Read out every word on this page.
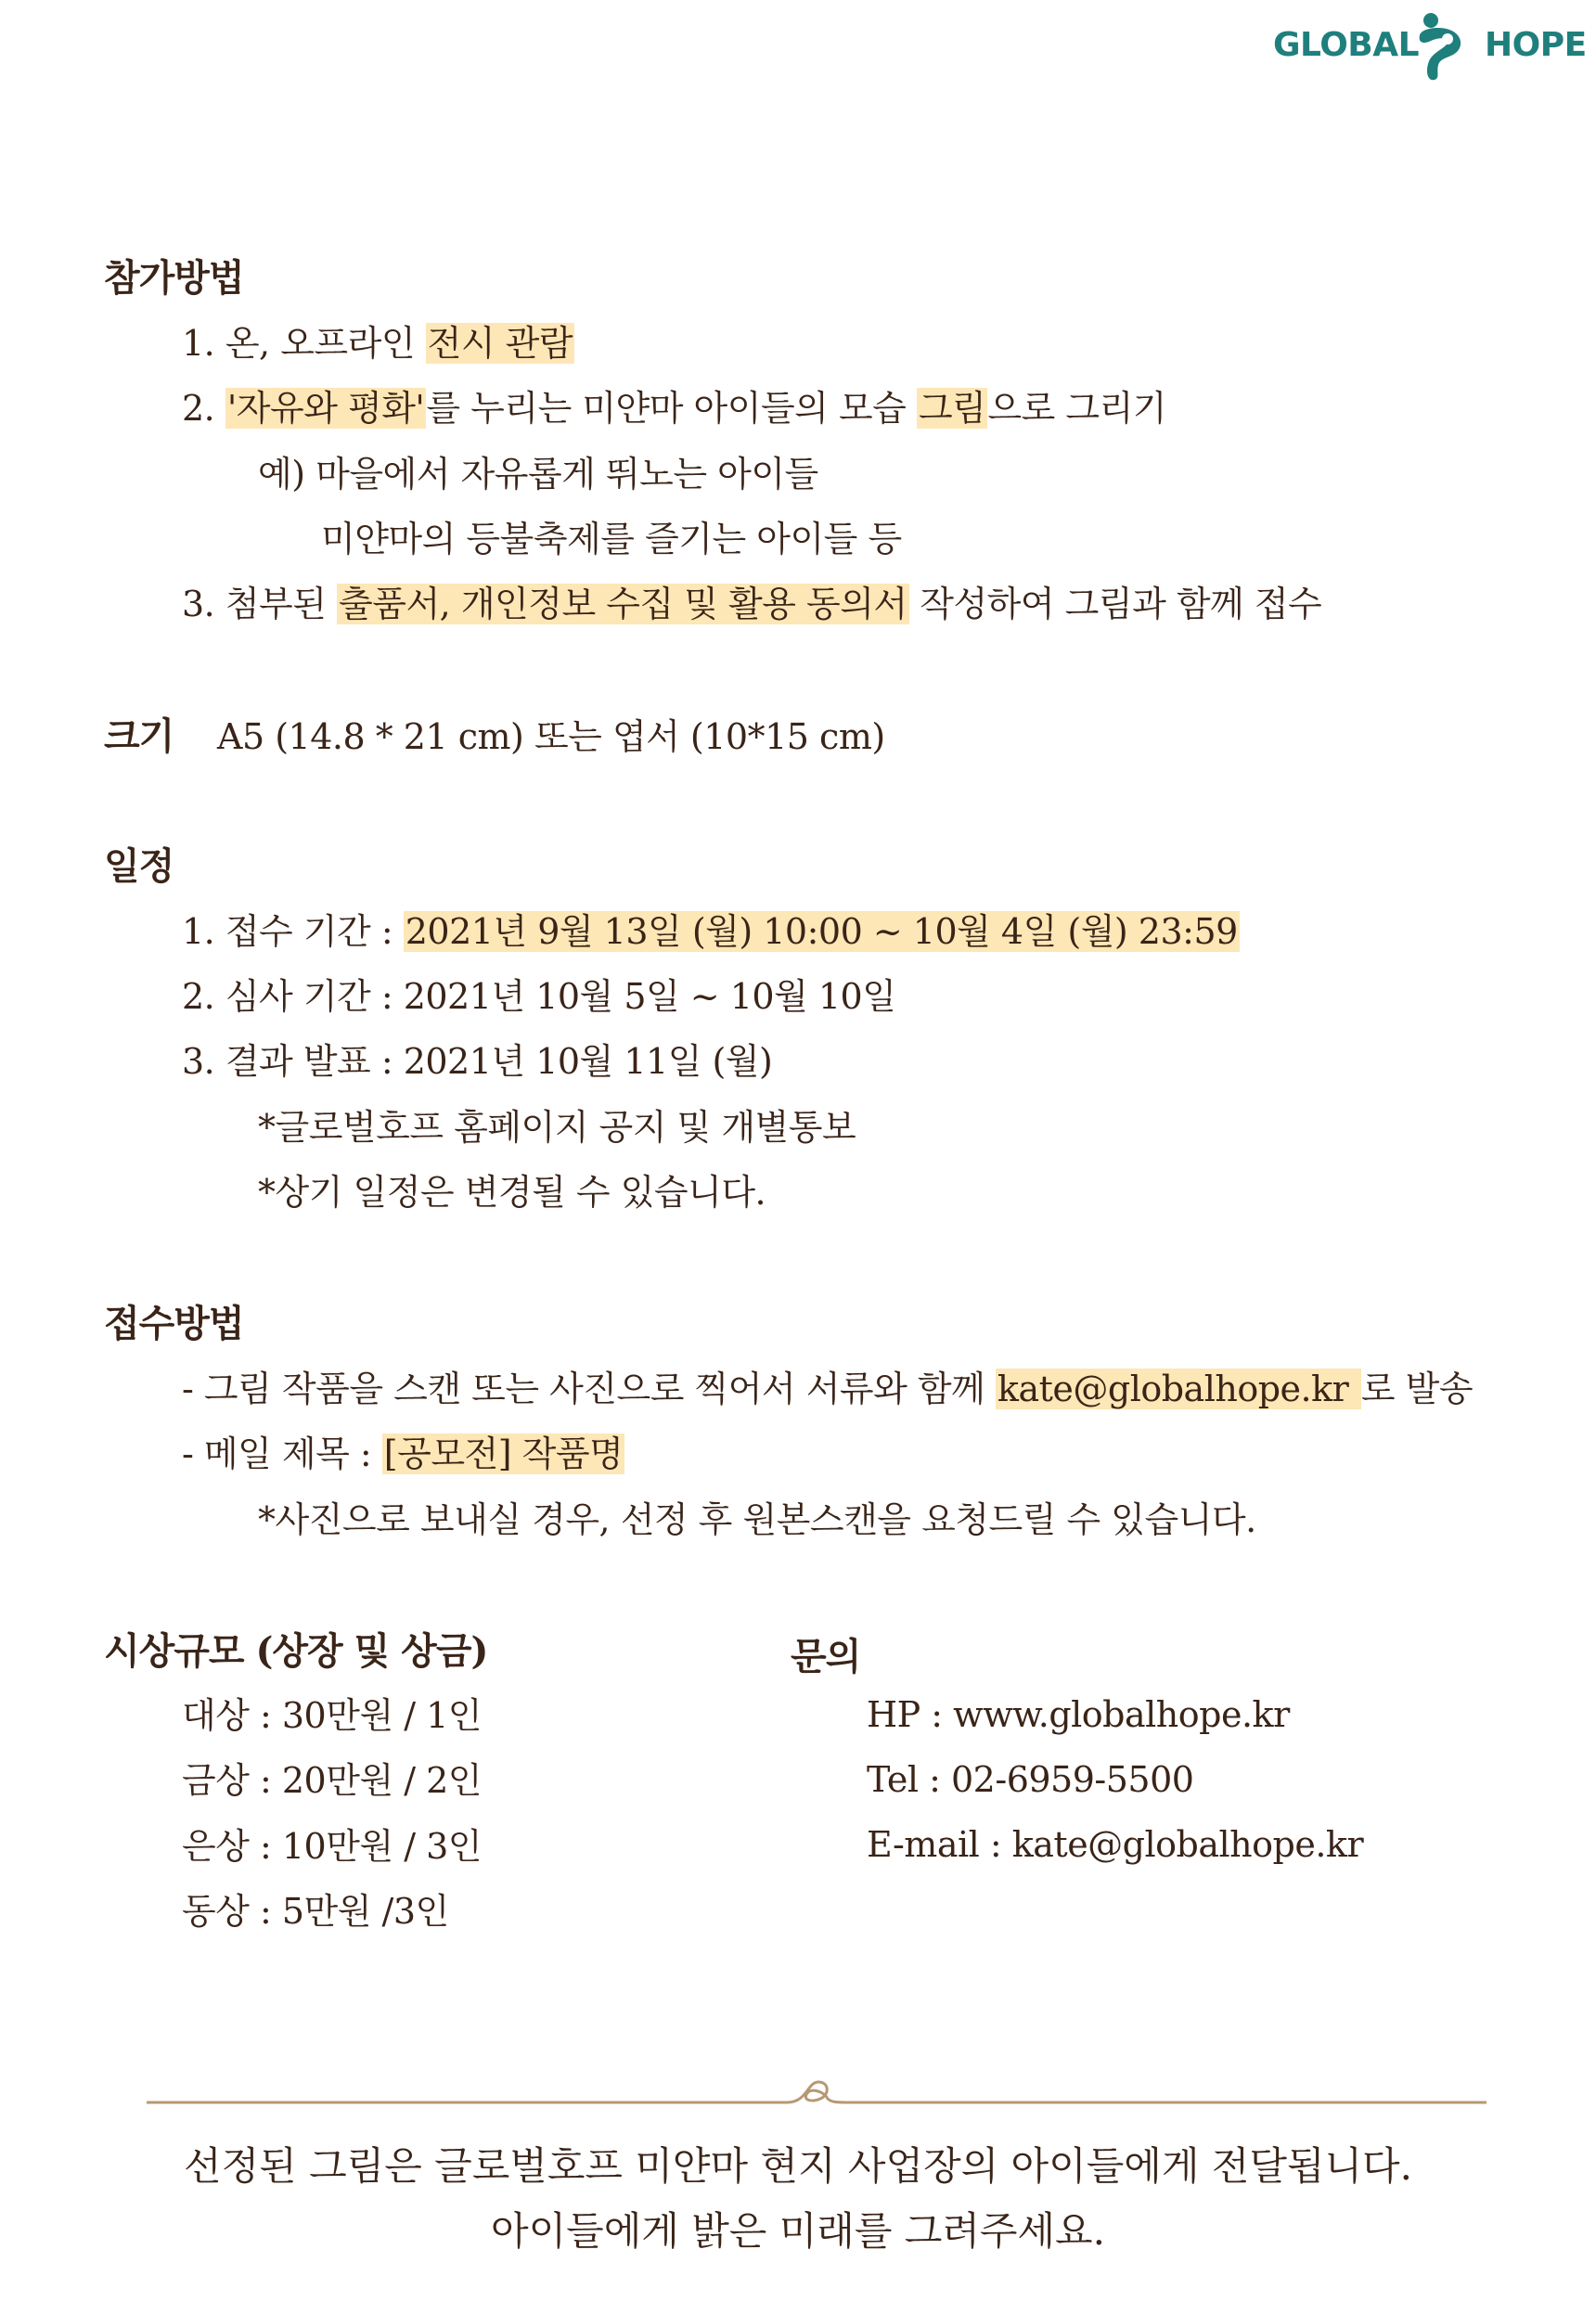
GLOBAL HOPE
참가방법
1. 온, 오프라인 전시 관람
2. '자유와 평화'를 누리는 미얀마 아이들의 모습 그림으로 그리기
예) 마을에서 자유롭게 뛰노는 아이들
미얀마의 등불축제를 즐기는 아이들 등
3. 첨부된 출품서, 개인정보 수집 및 활용 동의서 작성하여 그림과 함께 접수
크기 A5 (14.8 * 21 cm) 또는 엽서 (10*15 cm)
일정
1. 접수 기간 : 2021년 9월 13일 (월) 10:00 ~ 10월 4일 (월) 23:59
2. 심사 기간 : 2021년 10월 5일 ~ 10월 10일
3. 결과 발표 : 2021년 10월 11일 (월)
*글로벌호프 홈페이지 공지 및 개별통보
*상기 일정은 변경될 수 있습니다.
접수방법
- 그림 작품을 스캔 또는 사진으로 찍어서 서류와 함께 kate@globalhope.kr 로 발송
- 메일 제목 : [공모전] 작품명
*사진으로 보내실 경우, 선정 후 원본스캔을 요청드릴 수 있습니다.
시상규모 (상장 및 상금)
대상 : 30만원 / 1인
금상 : 20만원 / 2인
은상 : 10만원 / 3인
동상 : 5만원 /3인
문의
HP : www.globalhope.kr
Tel : 02-6959-5500
E-mail : kate@globalhope.kr
선정된 그림은 글로벌호프 미얀마 현지 사업장의 아이들에게 전달됩니다.
아이들에게 밝은 미래를 그려주세요.
